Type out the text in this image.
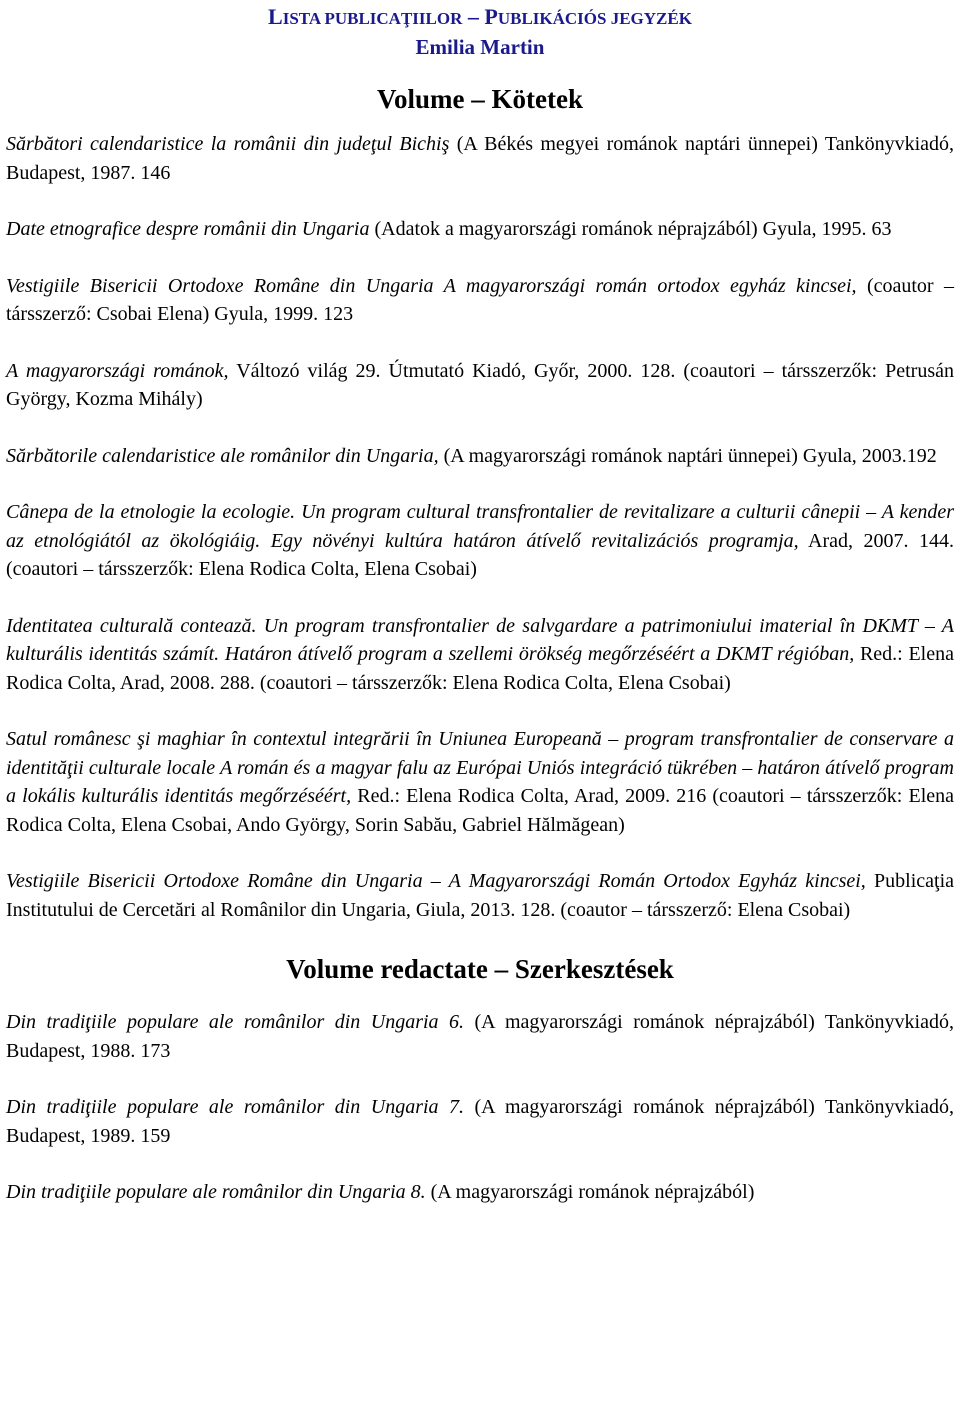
LISTA PUBLICAŢIILOR – PUBLIKÁCIÓS JEGYZÉK
Emilia Martin
Volume – Kötetek

Sărbători calendaristice la românii din judeţul Bichiş (A Békés megyei románok naptári ünnepei) Tankönyvkiadó, Budapest, 1987. 146

Date etnografice despre românii din Ungaria (Adatok a magyarországi románok néprajzából) Gyula, 1995. 63

Vestigiile Bisericii Ortodoxe Române din Ungaria A magyarországi román ortodox egyház kincsei, (coautor – társszerző: Csobai Elena) Gyula, 1999. 123

A magyarországi románok, Változó világ 29. Útmutató Kiadó, Győr, 2000. 128. (coautori – társszerzők: Petrusán György, Kozma Mihály)

Sărbătorile calendaristice ale românilor din Ungaria, (A magyarországi románok naptári ünnepei) Gyula, 2003.192

Cânepa de la etnologie la ecologie. Un program cultural transfrontalier de revitalizare a culturii cânepii – A kender az etnológiától az ökológiáig. Egy növényi kultúra határon átívelő revitalizációs programja, Arad, 2007. 144. (coautori – társszerzők: Elena Rodica Colta, Elena Csobai)

Identitatea culturală contează. Un program transfrontalier de salvgardare a patrimoniului imaterial în DKMT – A kulturális identitás számít. Határon átívelő program a szellemi örökség megőrzéséért a DKMT régióban, Red.: Elena Rodica Colta, Arad, 2008. 288. (coautori – társszerzők: Elena Rodica Colta, Elena Csobai)

Satul românesc şi maghiar în contextul integrării în Uniunea Europeană – program transfrontalier de conservare a identităţii culturale locale A román és a magyar falu az Európai Uniós integráció tükrében – határon átívelő program a lokális kulturális identitás megőrzéséért, Red.: Elena Rodica Colta, Arad, 2009. 216 (coautori – társszerzők: Elena Rodica Colta, Elena Csobai, Ando György, Sorin Sabău, Gabriel Hălmăgean)

Vestigiile Bisericii Ortodoxe Române din Ungaria – A Magyarországi Román Ortodox Egyház kincsei, Publicaţia Institutului de Cercetări al Românilor din Ungaria, Giula, 2013. 128. (coautor – társszerző: Elena Csobai)

Volume redactate – Szerkesztések

Din tradiţiile populare ale românilor din Ungaria 6. (A magyarországi románok néprajzából) Tankönyvkiadó, Budapest, 1988. 173

Din tradiţiile populare ale românilor din Ungaria 7. (A magyarországi románok néprajzából) Tankönyvkiadó, Budapest, 1989. 159

Din tradiţiile populare ale românilor din Ungaria 8. (A magyarországi románok néprajzából)
